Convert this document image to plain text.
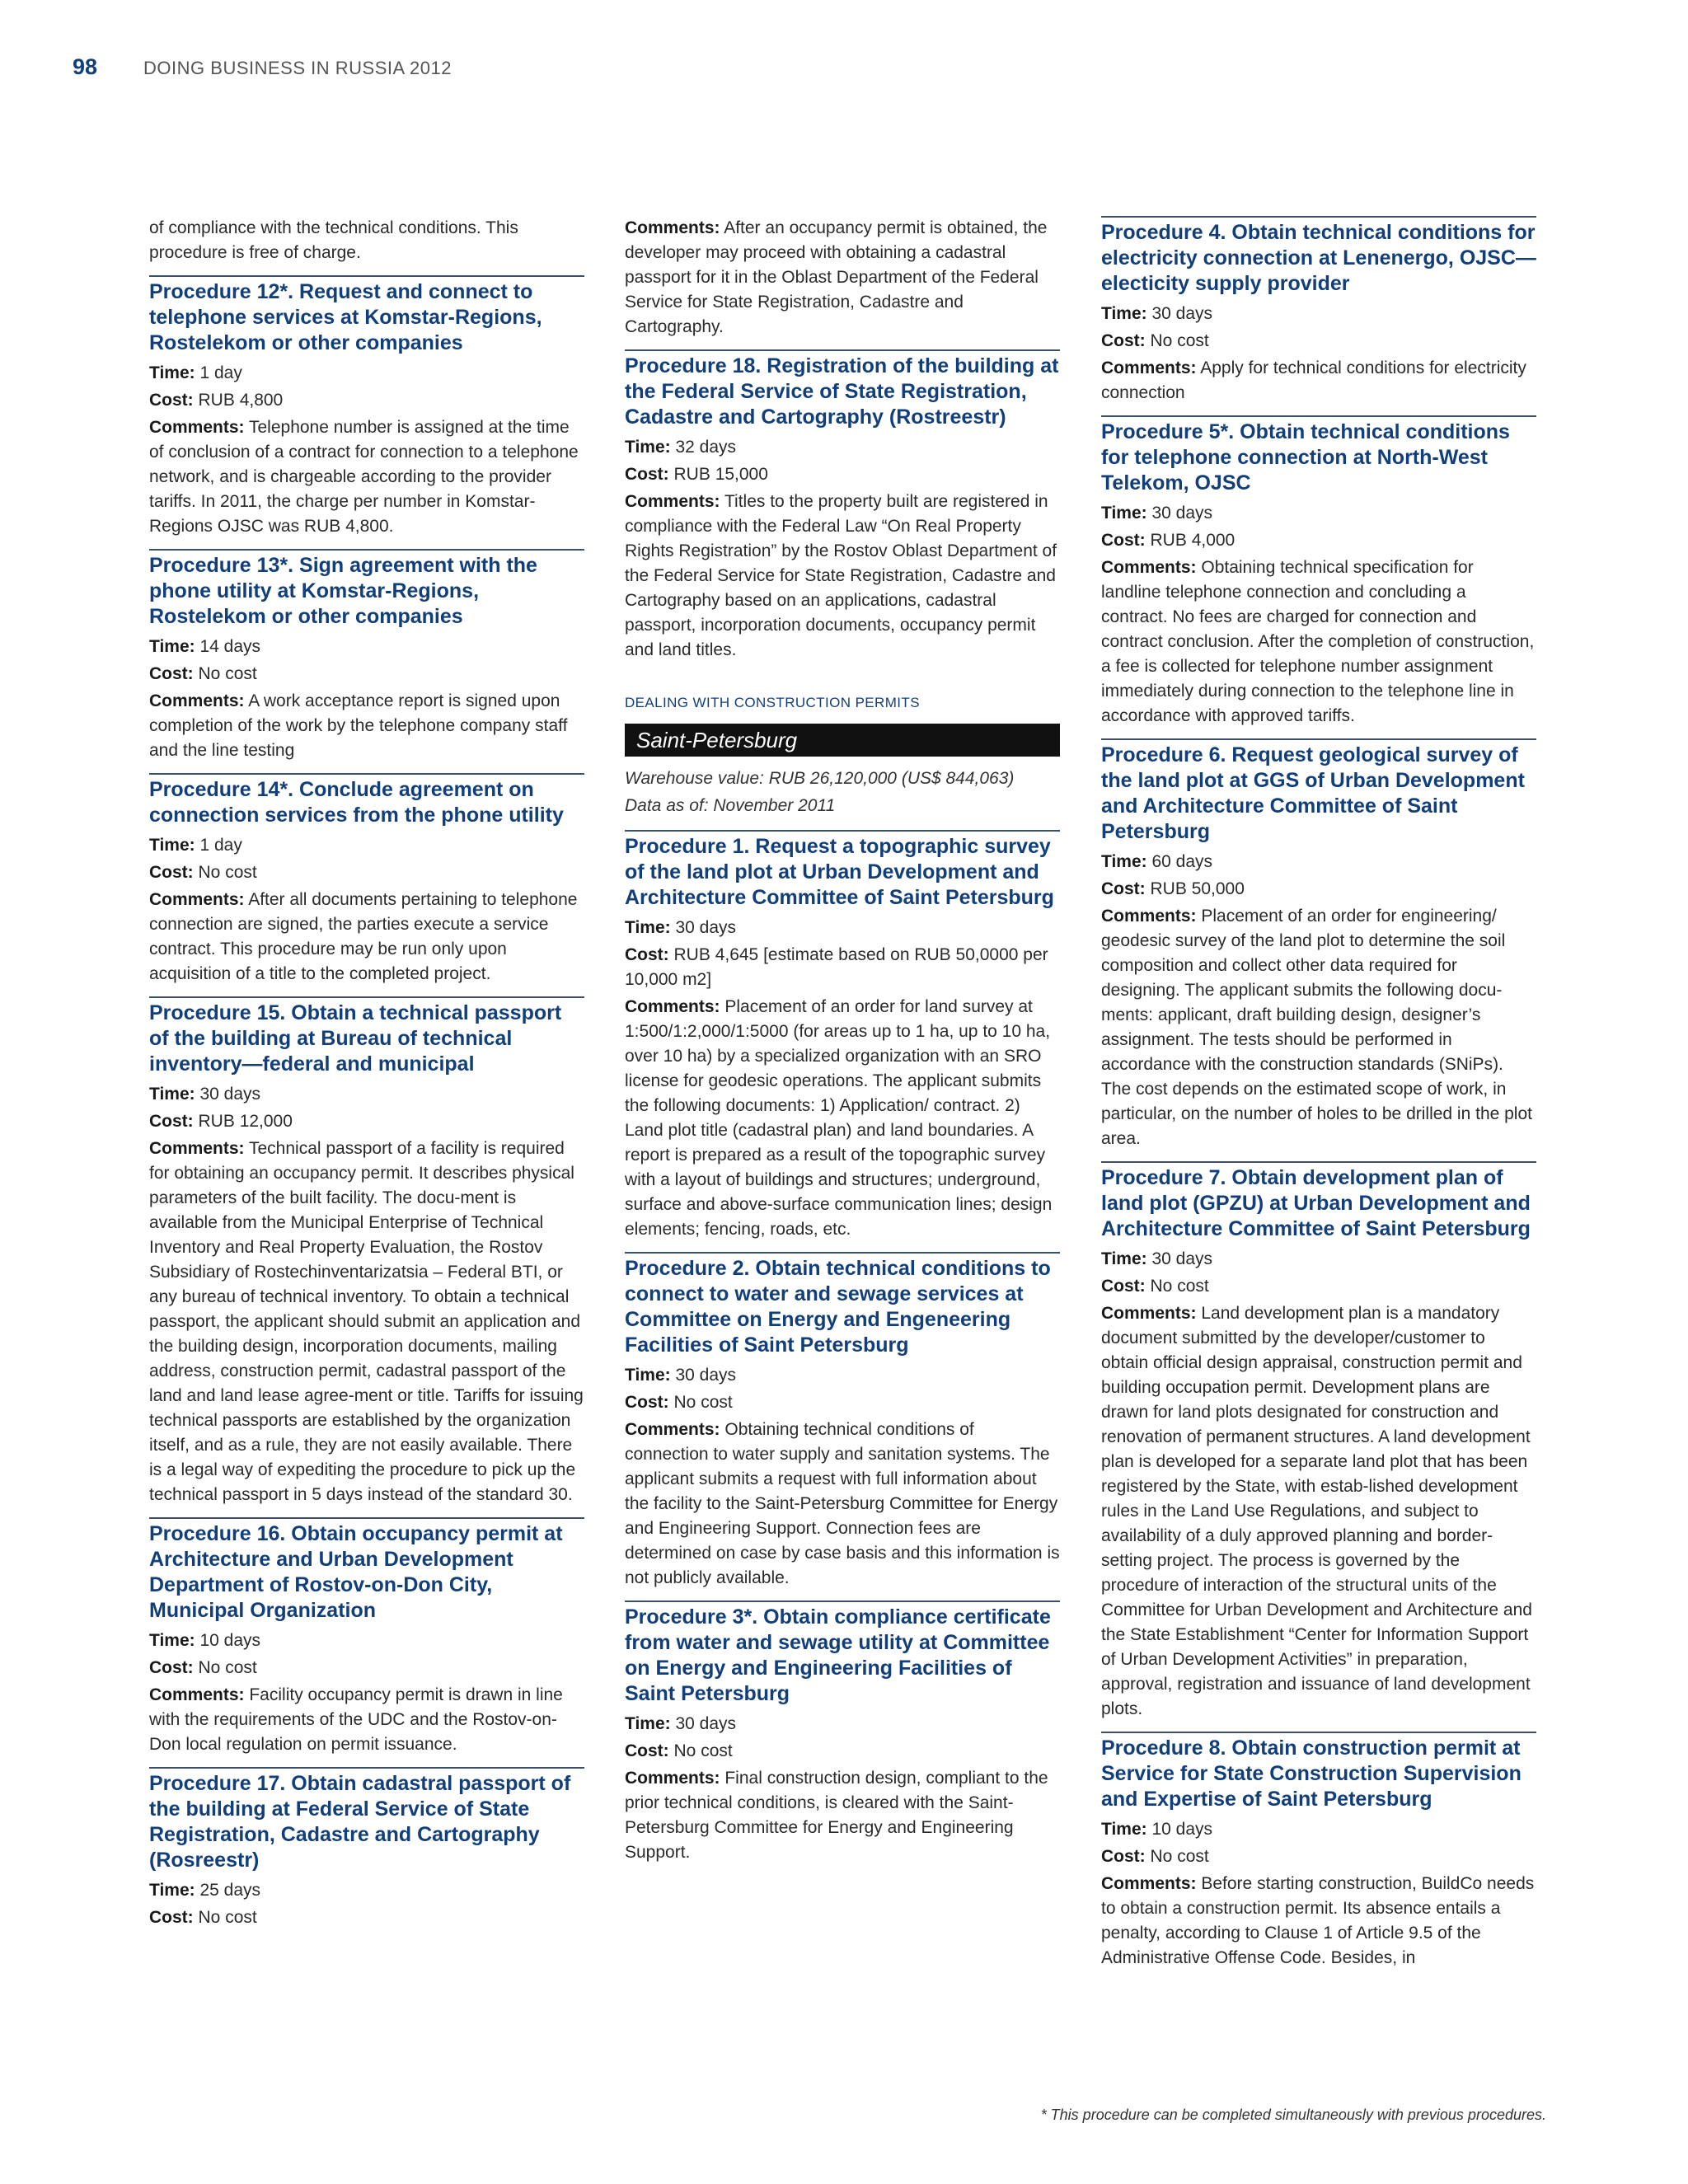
98	DOING BUSINESS IN RUSSIA 2012

of compliance with the technical conditions. This procedure is free of charge.

Procedure 12*. Request and connect to telephone services at Komstar-Regions, Rostelekom or other companies
Time: 1 day
Cost: RUB 4,800
Comments: Telephone number is assigned at the time of conclusion of a contract for connection to a telephone network, and is chargeable according to the provider tariffs. In 2011, the charge per number in Komstar-Regions OJSC was RUB 4,800.
Procedure 13*. Sign agreement with the phone utility at Komstar-Regions, Rostelekom or other companies
Time: 14 days
Cost: No cost
Comments: A work acceptance report is signed upon completion of the work by the telephone company staff and the line testing
Procedure 14*. Conclude agreement on connection services from the phone utility
Time: 1 day
Cost: No cost
Comments: After all documents pertaining to telephone connection are signed, the parties execute a service contract. This procedure may be run only upon acquisition of a title to the completed project.
Procedure 15. Obtain a technical passport of the building at Bureau of technical inventory—federal and municipal
Time: 30 days
Cost: RUB 12,000
Comments: Technical passport of a facility is required for obtaining an occupancy permit. It describes physical parameters of the built facility. The docu-ment is available from the Municipal Enterprise of Technical Inventory and Real Property Evaluation, the Rostov Subsidiary of Rostechinventarizatsia – Federal BTI, or any bureau of technical inventory. To obtain a technical passport, the applicant should submit an application and the building design, incorporation documents, mailing address, construction permit, cadastral passport of the land and land lease agree-ment or title. Tariffs for issuing technical passports are established by the organization itself, and as a rule, they are not easily available. There is a legal way of expediting the procedure to pick up the technical passport in 5 days instead of the standard 30.
Procedure 16. Obtain occupancy permit at Architecture and Urban Development Department of Rostov-on-Don City, Municipal Organization
Time: 10 days
Cost: No cost
Comments: Facility occupancy permit is drawn in line with the requirements of the UDC and the Rostov-on-Don local regulation on permit issuance.
Procedure 17. Obtain cadastral passport of the building at Federal Service of State Registration, Cadastre and Cartography (Rosreestr)
Time: 25 days
Cost: No cost
Comments: After an occupancy permit is obtained, the developer may proceed with obtaining a cadastral passport for it in the Oblast Department of the Federal Service for State Registration, Cadastre and Cartography.
Procedure 18. Registration of the building at the Federal Service of State Registration, Cadastre and Cartography (Rostreestr)
Time: 32 days
Cost: RUB 15,000
Comments: Titles to the property built are registered in compliance with the Federal Law “On Real Property Rights Registration” by the Rostov Oblast Department of the Federal Service for State Registration, Cadastre and Cartography based on an applications, cadastral passport, incorporation documents, occupancy permit and land titles.
DEALING WITH CONSTRUCTION PERMITS
Saint-Petersburg
Warehouse value: RUB 26,120,000 (US$ 844,063)
Data as of: November 2011
Procedure 1. Request a topographic survey of the land plot at Urban Development and Architecture Committee of Saint Petersburg
Time: 30 days
Cost: RUB 4,645 [estimate based on RUB 50,0000 per 10,000 m2]
Comments: Placement of an order for land survey at 1:500/1:2,000/1:5000 (for areas up to 1 ha, up to 10 ha, over 10 ha) by a specialized organization with an SRO license for geodesic operations. The applicant submits the following documents: 1) Application/ contract. 2) Land plot title (cadastral plan) and land boundaries. A report is prepared as a result of the topographic survey with a layout of buildings and structures; underground, surface and above-surface communication lines; design elements; fencing, roads, etc.
Procedure 2. Obtain technical conditions to connect to water and sewage services at Committee on Energy and Engeneering Facilities of Saint Petersburg
Time: 30 days
Cost: No cost
Comments: Obtaining technical conditions of connection to water supply and sanitation systems. The applicant submits a request with full information about the facility to the Saint-Petersburg Committee for Energy and Engineering Support. Connection fees are determined on case by case basis and this information is not publicly available.
Procedure 3*. Obtain compliance certificate from water and sewage utility at Committee on Energy and Engineering Facilities of Saint Petersburg
Time: 30 days
Cost: No cost
Comments: Final construction design, compliant to the prior technical conditions, is cleared with the Saint-Petersburg Committee for Energy and Engineering Support.
Procedure 4. Obtain technical conditions for electricity connection at Lenenergo, OJSC—electicity supply provider
Time: 30 days
Cost: No cost
Comments: Apply for technical conditions for electricity connection
Procedure 5*. Obtain technical conditions for telephone connection at North-West Telekom, OJSC
Time: 30 days
Cost: RUB 4,000
Comments: Obtaining technical specification for landline telephone connection and concluding a contract. No fees are charged for connection and contract conclusion. After the completion of construction, a fee is collected for telephone number assignment immediately during connection to the telephone line in accordance with approved tariffs.
Procedure 6. Request geological survey of the land plot at GGS of Urban Development and Architecture Committee of Saint Petersburg
Time: 60 days
Cost: RUB 50,000
Comments: Placement of an order for engineering/ geodesic survey of the land plot to determine the soil composition and collect other data required for designing. The applicant submits the following docu-ments: applicant, draft building design, designer’s assignment. The tests should be performed in accordance with the construction standards (SNiPs). The cost depends on the estimated scope of work, in particular, on the number of holes to be drilled in the plot area.
Procedure 7. Obtain development plan of land plot (GPZU) at Urban Development and Architecture Committee of Saint Petersburg
Time: 30 days
Cost: No cost
Comments: Land development plan is a mandatory document submitted by the developer/customer to obtain official design appraisal, construction permit and building occupation permit. Development plans are drawn for land plots designated for construction and renovation of permanent structures. A land development plan is developed for a separate land plot that has been registered by the State, with estab-lished development rules in the Land Use Regulations, and subject to availability of a duly approved planning and border-setting project. The process is governed by the procedure of interaction of the structural units of the Committee for Urban Development and Architecture and the State Establishment “Center for Information Support of Urban Development Activities” in preparation, approval, registration and issuance of land development plots.
Procedure 8. Obtain construction permit at Service for State Construction Supervision and Expertise of Saint Petersburg
Time: 10 days
Cost: No cost
Comments: Before starting construction, BuildCo needs to obtain a construction permit. Its absence entails a penalty, according to Clause 1 of Article 9.5 of the Administrative Offense Code. Besides, in
* This procedure can be completed simultaneously with previous procedures.
